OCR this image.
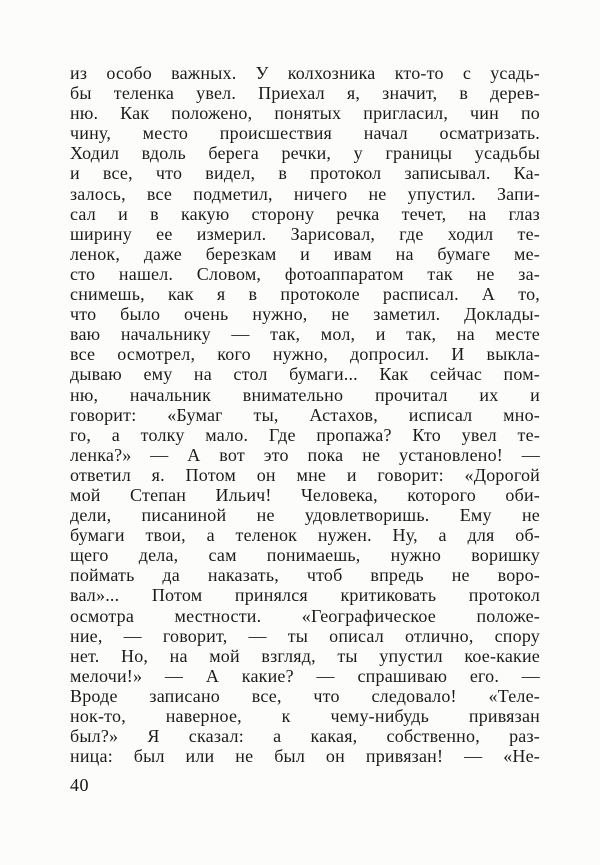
из особо важных. У колхозника кто-то с усадь-
бы теленка увел. Приехал я, значит, в дерев-
ню. Как положено, понятых пригласил, чин по
чину, место происшествия начал осматризать.
Ходил вдоль берега речки, у границы усадьбы
и все, что видел, в протокол записывал. Ка-
залось, все подметил, ничего не упустил. Запи-
сал и в какую сторону речка течет, на глаз
ширину ее измерил. Зарисовал, где ходил те-
ленок, даже березкам и ивам на бумаге ме-
сто нашел. Словом, фотоаппаратом так не за-
снимешь, как я в протоколе расписал. А то,
что было очень нужно, не заметил. Доклады-
ваю начальнику — так, мол, и так, на месте
все осмотрел, кого нужно, допросил. И выкла-
дываю ему на стол бумаги... Как сейчас пом-
ню, начальник внимательно прочитал их и
говорит: «Бумаг ты, Астахов, исписал мно-
го, а толку мало. Где пропажа? Кто увел те-
ленка?» — А вот это пока не установлено! —
ответил я. Потом он мне и говорит: «Дорогой
мой Степан Ильич! Человека, которого оби-
дели, писаниной не удовлетворишь. Ему не
бумаги твои, а теленок нужен. Ну, а для об-
щего дела, сам понимаешь, нужно воришку
поймать да наказать, чтоб впредь не воро-
вал»... Потом принялся критиковать протокол
осмотра местности. «Географическое положе-
ние, — говорит, — ты описал отлично, спору
нет. Но, на мой взгляд, ты упустил кое-какие
мелочи!» — А какие? — спрашиваю его. —
Вроде записано все, что следовало! «Теле-
нок-то, наверное, к чему-нибудь привязан
был?» Я сказал: а какая, собственно, раз-
ница: был или не был он привязан! — «Не-
40
